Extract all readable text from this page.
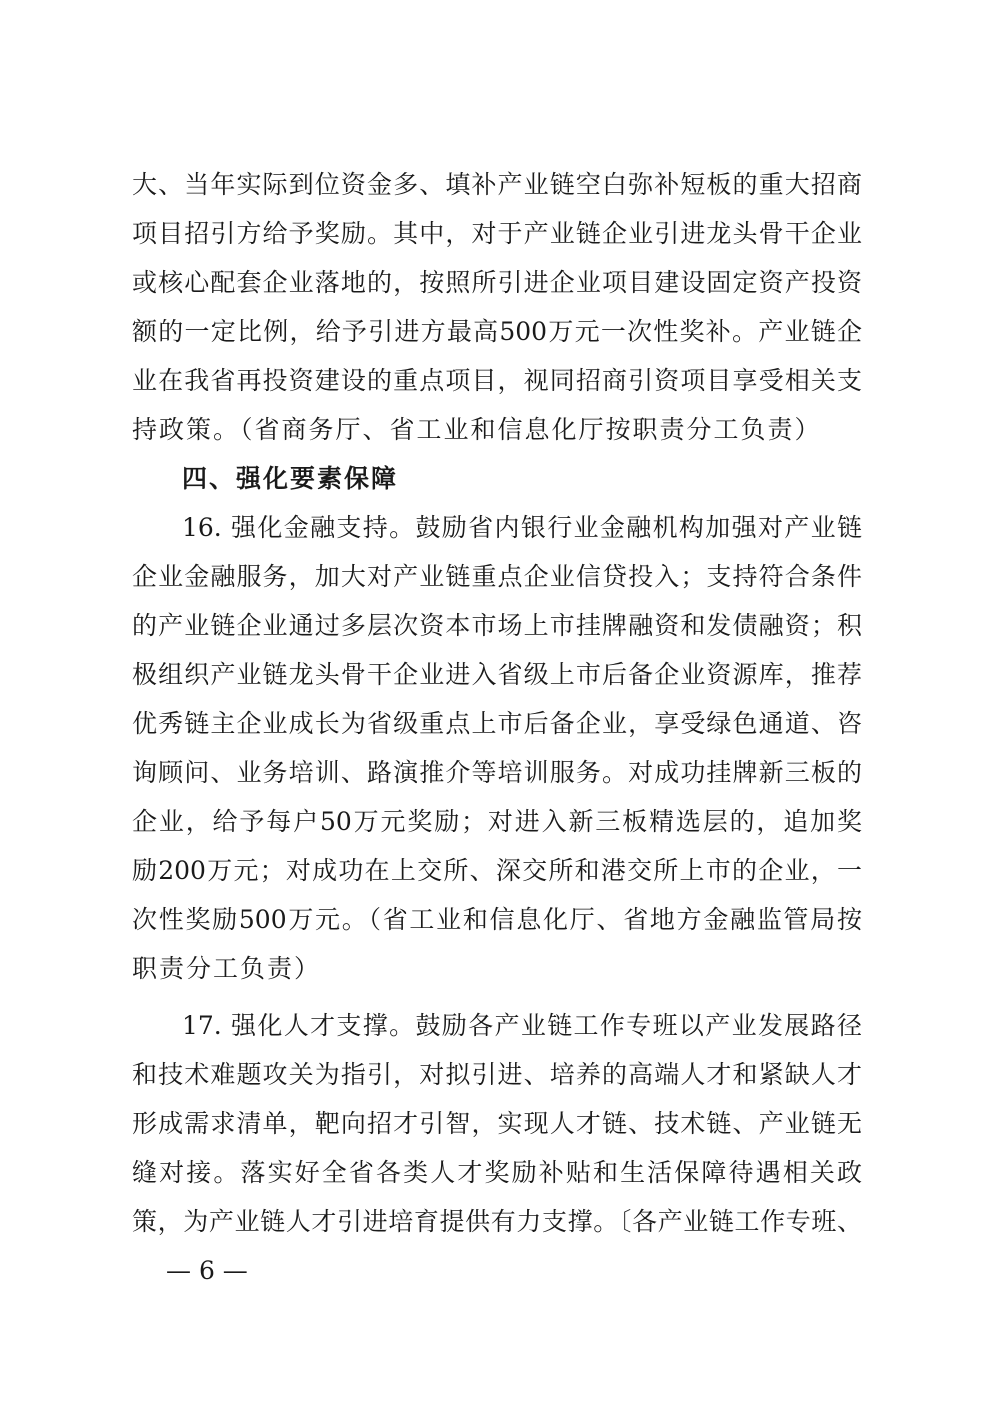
大、当年实际到位资金多、填补产业链空白弥补短板的重大招商
项目招引方给予奖励。其中，对于产业链企业引进龙头骨干企业
或核心配套企业落地的，按照所引进企业项目建设固定资产投资
额的一定比例，给予引进方最高500万元一次性奖补。产业链企
业在我省再投资建设的重点项目，视同招商引资项目享受相关支
持政策。（省商务厅、省工业和信息化厅按职责分工负责）
四、强化要素保障
16. 强化金融支持。鼓励省内银行业金融机构加强对产业链
企业金融服务，加大对产业链重点企业信贷投入；支持符合条件
的产业链企业通过多层次资本市场上市挂牌融资和发债融资；积
极组织产业链龙头骨干企业进入省级上市后备企业资源库，推荐
优秀链主企业成长为省级重点上市后备企业，享受绿色通道、咨
询顾问、业务培训、路演推介等培训服务。对成功挂牌新三板的
企业，给予每户50万元奖励；对进入新三板精选层的，追加奖
励200万元；对成功在上交所、深交所和港交所上市的企业，一
次性奖励500万元。（省工业和信息化厅、省地方金融监管局按
职责分工负责）
17. 强化人才支撑。鼓励各产业链工作专班以产业发展路径
和技术难题攻关为指引，对拟引进、培养的高端人才和紧缺人才
形成需求清单，靶向招才引智，实现人才链、技术链、产业链无
缝对接。落实好全省各类人才奖励补贴和生活保障待遇相关政
策，为产业链人才引进培育提供有力支撑。〔各产业链工作专班、
— 6 —
